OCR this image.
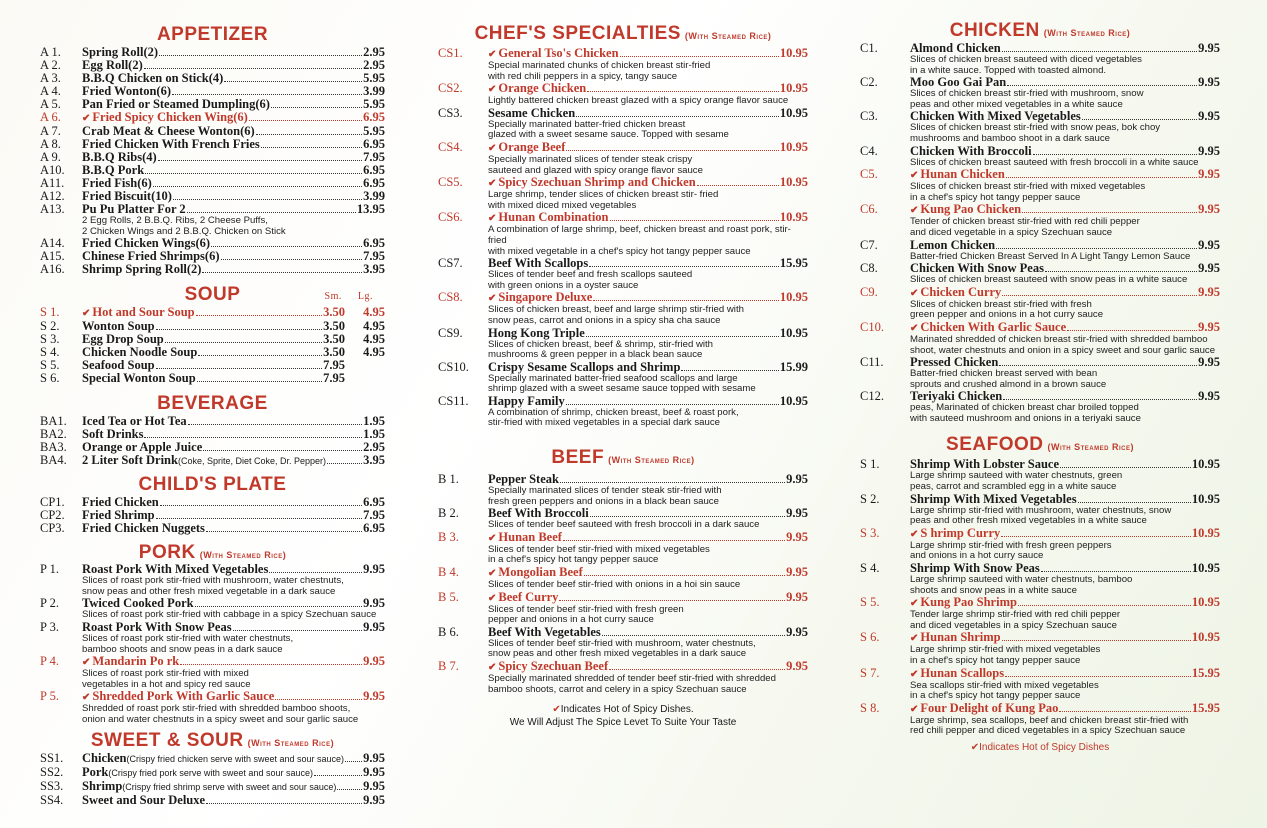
APPETIZER
A 1.	Spring Roll(2)	2.95
A 2.	Egg Roll(2)	2.95
A 3.	B.B.Q Chicken on Stick(4)	5.95
A 4.	Fried Wonton(6)	3.99
A 5.	Pan Fried or Steamed Dumpling(6)	5.95
A 6.	✔ Fried Spicy Chicken Wing(6)	6.95
A 7.	Crab Meat & Cheese Wonton(6)	5.95
A 8.	Fried Chicken With French Fries	6.95
A 9.	B.B.Q Ribs(4)	7.95
A10.	B.B.Q Pork	6.95
A11.	Fried Fish(6)	6.95
A12.	Fried Biscuit(10)	3.99
A13.	Pu Pu Platter For 2	13.95
2 Egg Rolls, 2 B.B.Q. Ribs, 2 Cheese Puffs,
2 Chicken Wings and 2 B.B.Q. Chicken on Stick
A14.	Fried Chicken Wings(6)	6.95
A15.	Chinese Fried Shrimps(6)	7.95
A16.	Shrimp Spring Roll(2)	3.95
SOUP	Sm. Lg.
S 1.	✔ Hot and Sour Soup	3.50	4.95
S 2.	Wonton Soup	3.50	4.95
S 3.	Egg Drop Soup	3.50	4.95
S 4.	Chicken Noodle Soup	3.50	4.95
S 5.	Seafood Soup	7.95
S 6.	Special Wonton Soup	7.95
BEVERAGE
BA1.	Iced Tea or Hot Tea	1.95
BA2.	Soft Drinks	1.95
BA3.	Orange or Apple Juice	2.95
BA4.	2 Liter Soft Drink(Coke, Sprite, Diet Coke, Dr. Pepper)	3.95
CHILD'S PLATE
CP1.	Fried Chicken	6.95
CP2.	Fried Shrimp	7.95
CP3.	Fried Chicken Nuggets	6.95
PORK (With Steamed Rice)
P 1.	Roast Pork With Mixed Vegetables	9.95
Slices of roast pork stir-fried with mushroom, water chestnuts,
snow peas and other fresh mixed vegetable in a dark sauce
P 2.	Twiced Cooked Pork	9.95
Slices of roast pork stir-fried with cabbage in a spicy Szechuan sauce
P 3.	Roast Pork With Snow Peas	9.95
Slices of roast pork stir-fried with water chestnuts,
bamboo shoots and snow peas in a dark sauce
P 4.	✔ Mandarin Po rk	9.95
Slices of roast pork stir-fried with mixed
vegetables in a hot and spicy red sauce
P 5.	✔ Shredded Pork With Garlic Sauce	9.95
Shredded of roast pork stir-fried with shredded bamboo shoots,
onion and water chestnuts in a spicy sweet and sour garlic sauce
SWEET & SOUR (With Steamed Rice)
SS1.	Chicken(Crispy fried chicken serve with sweet and sour sauce) 9.95
SS2.	Pork(Crispy fried pork serve with sweet and sour sauce)	9.95
SS3.	Shrimp(Crispy fried shrimp serve with sweet and sour sauce) 9.95
SS4.	Sweet and Sour Deluxe	9.95
CHEF'S SPECIALTIES (With Steamed Rice)
CS1.	✔ General Tso's Chicken	10.95
Special marinated chunks of chicken breast stir-fried
with red chili peppers in a spicy, tangy sauce
CS2.	✔ Orange Chicken	10.95
Lightly battered chicken breast glazed with a spicy orange flavor sauce
CS3.	Sesame Chicken	10.95
Specially marinated batter-fried chicken breast
glazed with a sweet sesame sauce. Topped with sesame
CS4.	✔ Orange Beef	10.95
Specially marinated slices of tender steak crispy
sauteed and glazed with spicy orange flavor sauce
CS5.	✔ Spicy Szechuan Shrimp and Chicken	10.95
Large shrimp, tender slices of chicken breast stir- fried
with mixed diced mixed vegetables
CS6.	✔ Hunan Combination	10.95
A combination of large shrimp, beef, chicken breast and roast pork, stir-fried
with mixed vegetable in a chef's spicy hot tangy pepper sauce
CS7.	Beef With Scallops	15.95
Slices of tender beef and fresh scallops sauteed
with green onions in a oyster sauce
CS8.	✔ Singapore Deluxe	10.95
Slices of chicken breast, beef and large shrimp stir-fried with
snow peas, carrot and onions in a spicy sha cha sauce
CS9.	Hong Kong Triple	10.95
Slices of chicken breast, beef & shrimp, stir-fried with
mushrooms & green pepper in a black bean sauce
CS10.	Crispy Sesame Scallops and Shrimp	15.99
Specially marinated batter-fried seafood scallops and large
shrimp glazed with a sweet sesame sauce topped with sesame
CS11.	Happy Family	10.95
A combination of shrimp, chicken breast, beef & roast pork,
stir-fried with mixed vegetables in a special dark sauce
BEEF (With Steamed Rice)
B 1.	Pepper Steak	9.95
Specially marinated slices of tender steak stir-fried with
fresh green peppers and onions in a black bean sauce
B 2.	Beef With Broccoli	9.95
Slices of tender beef sauteed with fresh broccoli in a dark sauce
B 3.	✔ Hunan Beef	9.95
Slices of tender beef stir-fried with mixed vegetables
in a chef's spicy hot tangy pepper sauce
B 4.	✔ Mongolian Beef	9.95
Slices of tender beef stir-fried with onions in a hoi sin sauce
B 5.	✔ Beef Curry	9.95
Slices of tender beef stir-fried with fresh green
pepper and onions in a hot curry sauce
B 6.	Beef With Vegetables	9.95
Slices of tender beef stir-fried with mushroom, water chestnuts,
snow peas and other fresh mixed vegetables in a dark sauce
B 7.	✔ Spicy Szechuan Beef	9.95
Specially marinated shredded of tender beef stir-fried with shredded
bamboo shoots, carrot and celery in a spicy Szechuan sauce
✔Indicates Hot of Spicy Dishes.
We Will Adjust The Spice Levet To Suite Your Taste
CHICKEN (With Steamed Rice)
C1.	Almond Chicken	9.95
Slices of chicken breast sauteed with diced vegetables
in a white sauce. Topped with toasted almond.
C2.	Moo Goo Gai Pan	9.95
Slices of chicken breast stir-fried with mushroom, snow
peas and other mixed vegetables in a white sauce
C3.	Chicken With Mixed Vegetables	9.95
Slices of chicken breast stir-fried with snow peas, bok choy
mushrooms and bamboo shoot in a dark sauce
C4.	Chicken With Broccoli	9.95
Slices of chicken breast sauteed with fresh broccoli in a white sauce
C5.	✔ Hunan Chicken	9.95
Slices of chicken breast stir-fried with mixed vegetables
in a chef's spicy hot tangy pepper sauce
C6.	✔ Kung Pao Chicken	9.95
Tender of chicken breast stir-fried with red chili pepper
and diced vegetable in a spicy Szechuan sauce
C7.	Lemon Chicken	9.95
Batter-fried Chicken Breast Served In A Light Tangy Lemon Sauce
C8.	Chicken With Snow Peas	9.95
Slices of chicken breast sauteed with snow peas in a white sauce
C9.	✔ Chicken Curry	9.95
Slices of chicken breast stir-fried with fresh
green pepper and onions in a hot curry sauce
C10.	✔ Chicken With Garlic Sauce	9.95
Marinated shredded of chicken breast stir-fried with shredded bamboo
shoot, water chestnuts and onion in a spicy sweet and sour garlic sauce
C11.	Pressed Chicken	9.95
Batter-fried chicken breast served with bean
sprouts and crushed almond in a brown sauce
C12.	Teriyaki Chicken	9.95
peas, Marinated of chicken breast char broiled topped
with sauteed mushroom and onions in a teriyaki sauce
SEAFOOD (With Steamed Rice)
S 1.	Shrimp With Lobster Sauce	10.95
Large shrimp sauteed with water chestnuts, green
peas, carrot and scrambled egg in a white sauce
S 2.	Shrimp With Mixed Vegetables	10.95
Large shrimp stir-fried with mushroom, water chestnuts, snow
peas and other fresh mixed vegetables in a white sauce
S 3.	✔ S hrimp Curry	10.95
Large shrimp stir-fried with fresh green peppers
and onions in a hot curry sauce
S 4.	Shrimp With Snow Peas	10.95
Large shrimp sauteed with water chestnuts, bamboo
shoots and snow peas in a white sauce
S 5.	✔ Kung Pao Shrimp	10.95
Tender large shrimp stir-fried with red chili pepper
and diced vegetables in a spicy Szechuan sauce
S 6.	✔ Hunan Shrimp	10.95
Large shrimp stir-fried with mixed vegetables
in a chef's spicy hot tangy pepper sauce
S 7.	✔ Hunan Scallops	15.95
Sea scallops stir-fried with mixed vegetables
in a chef's spicy hot tangy pepper sauce
S 8.	✔ Four Delight of Kung Pao	15.95
Large shrimp, sea scallops, beef and chicken breast stir-fried with
red chili pepper and diced vegetables in a spicy Szechuan sauce
✔Indicates Hot of Spicy Dishes
